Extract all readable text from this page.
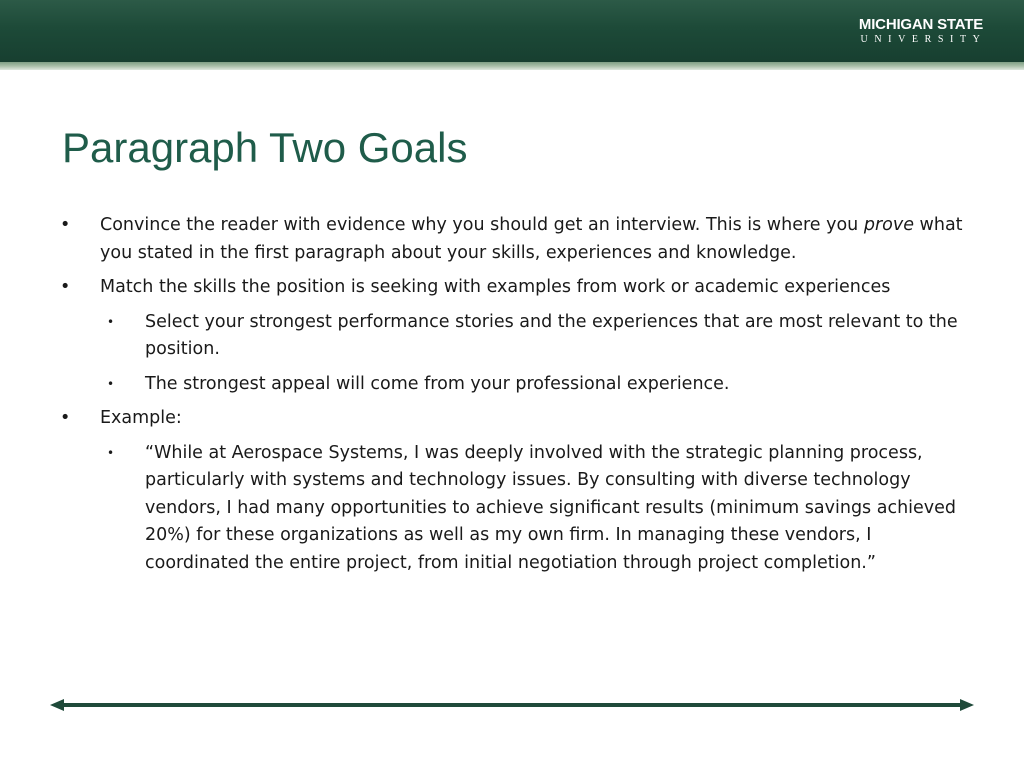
MICHIGAN STATE
UNIVERSITY
Paragraph Two Goals
•	Convince the reader with evidence why you should get an interview. This is where you prove what you stated in the first paragraph about your skills, experiences and knowledge.
•	Match the skills the position is seeking with examples from work or academic experiences
•	Select your strongest performance stories and the experiences that are most relevant to the position.
•	The strongest appeal will come from your professional experience.
•	Example:
•	“While at Aerospace Systems, I was deeply involved with the strategic planning process, particularly with systems and technology issues. By consulting with diverse technology vendors, I had many opportunities to achieve significant results (minimum savings achieved 20%) for these organizations as well as my own firm. In managing these vendors, I coordinated the entire project, from initial negotiation through project completion.”
